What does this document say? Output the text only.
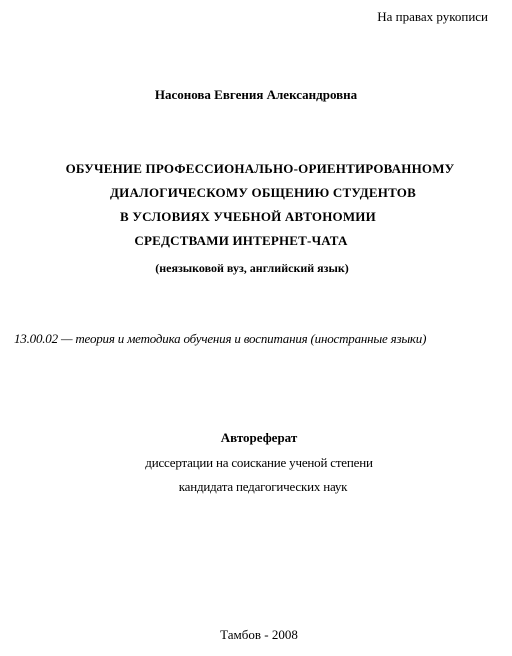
На правах рукописи
Насонова Евгения Александровна
ОБУЧЕНИЕ ПРОФЕССИОНАЛЬНО-ОРИЕНТИРОВАННОМУ
ДИАЛОГИЧЕСКОМУ ОБЩЕНИЮ СТУДЕНТОВ
В УСЛОВИЯХ УЧЕБНОЙ АВТОНОМИИ
СРЕДСТВАМИ ИНТЕРНЕТ-ЧАТА
(неязыковой вуз, английский язык)
13.00.02 — теория и методика обучения и воспитания (иностранные языки)
Автореферат
диссертации на соискание ученой степени
кандидата педагогических наук
Тамбов - 2008
